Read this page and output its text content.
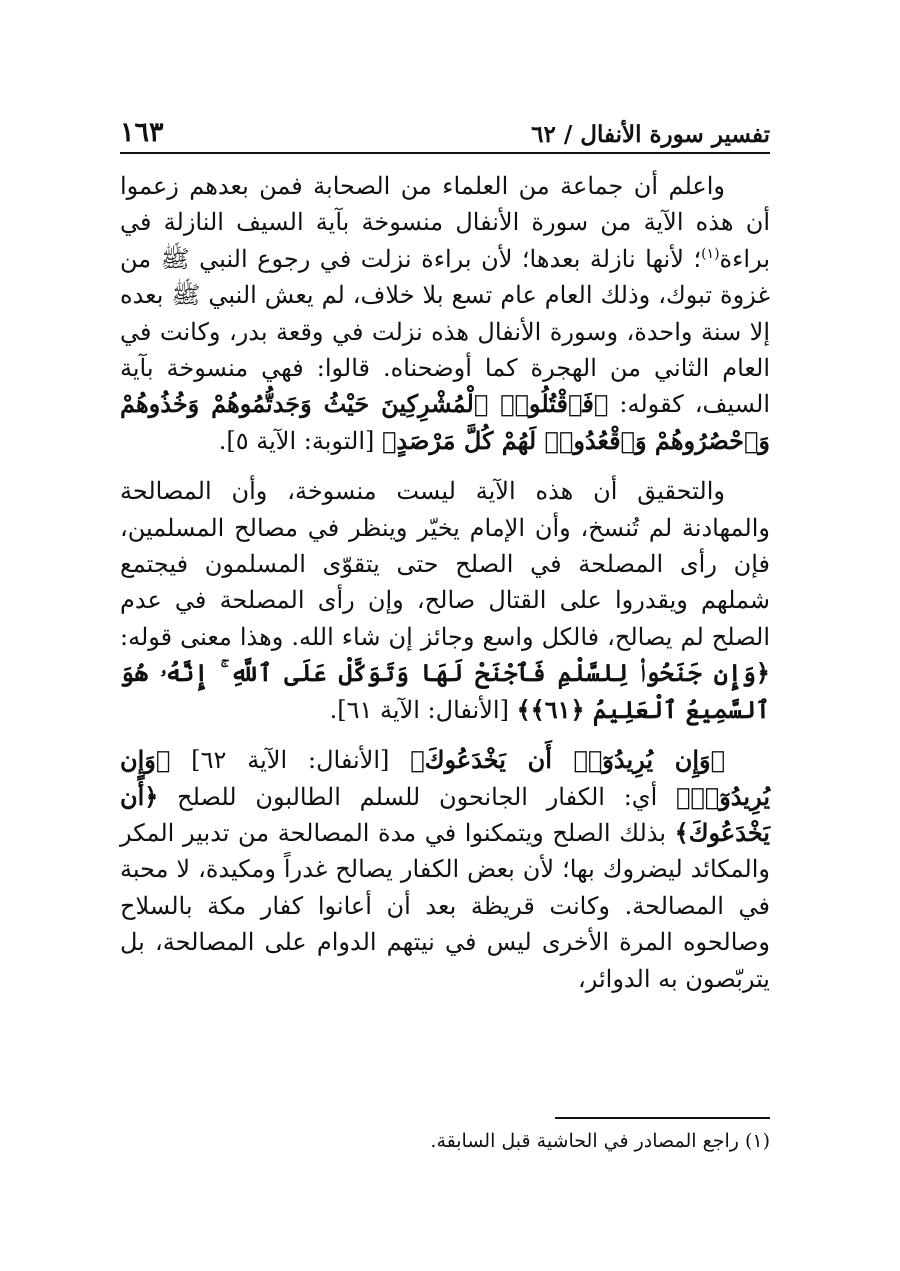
تفسير سورة الأنفال / ٦٢
١٦٣

واعلم أن جماعة من العلماء من الصحابة فمن بعدهم زعموا أن هذه الآية من سورة الأنفال منسوخة بآية السيف النازلة في براءة$^{(١)}$؛ لأنها نازلة بعدها؛ لأن براءة نزلت في رجوع النبي ﷺ من غزوة تبوك، وذلك العام عام تسع بلا خلاف، لم يعش النبي ﷺ بعده إلا سنة واحدة، وسورة الأنفال هذه نزلت في وقعة بدر، وكانت في العام الثاني من الهجرة كما أوضحناه. قالوا: فهي منسوخة بآية السيف، كقوله: ﴿فَٱقْتُلُوا۟ ٱلْمُشْرِكِينَ حَيْثُ وَجَدتُّمُوهُمْ وَخُذُوهُمْ وَٱحْصُرُوهُمْ وَٱقْعُدُوا۟ لَهُمْ كُلَّ مَرْصَدٍ﴾ [التوبة: الآية ٥].

والتحقيق أن هذه الآية ليست منسوخة، وأن المصالحة والمهادنة لم تُنسخ، وأن الإمام يخيّر وينظر في مصالح المسلمين، فإن رأى المصلحة في الصلح حتى يتقوّى المسلمون فيجتمع شملهم ويقدروا على القتال صالح، وإن رأى المصلحة في عدم الصلح لم يصالح، فالكل واسع وجائز إن شاء الله. وهذا معنى قوله: ﴿وَإِن جَنَحُوا۟ لِلسَّلْمِ فَٱجْنَحْ لَهَا وَتَوَكَّلْ عَلَى ٱللَّهِ ۚ إِنَّهُۥ هُوَ ٱلسَّمِيعُ ٱلْعَلِيمُ ﴿٦١﴾﴾ [الأنفال: الآية ٦١].

﴿وَإِن يُرِيدُوٓا۟ أَن يَخْدَعُوكَ﴾ [الأنفال: الآية ٦٢] ﴿وَإِن يُرِيدُوٓا۟﴾ أي: الكفار الجانحون للسلم الطالبون للصلح ﴿أَن يَخْدَعُوكَ﴾ بذلك الصلح ويتمكنوا في مدة المصالحة من تدبير المكر والمكائد ليضروك بها؛ لأن بعض الكفار يصالح غدراً ومكيدة، لا محبة في المصالحة. وكانت قريظة بعد أن أعانوا كفار مكة بالسلاح وصالحوه المرة الأخرى ليس في نيتهم الدوام على المصالحة، بل يتربّصون به الدوائر،

(١) راجع المصادر في الحاشية قبل السابقة.
